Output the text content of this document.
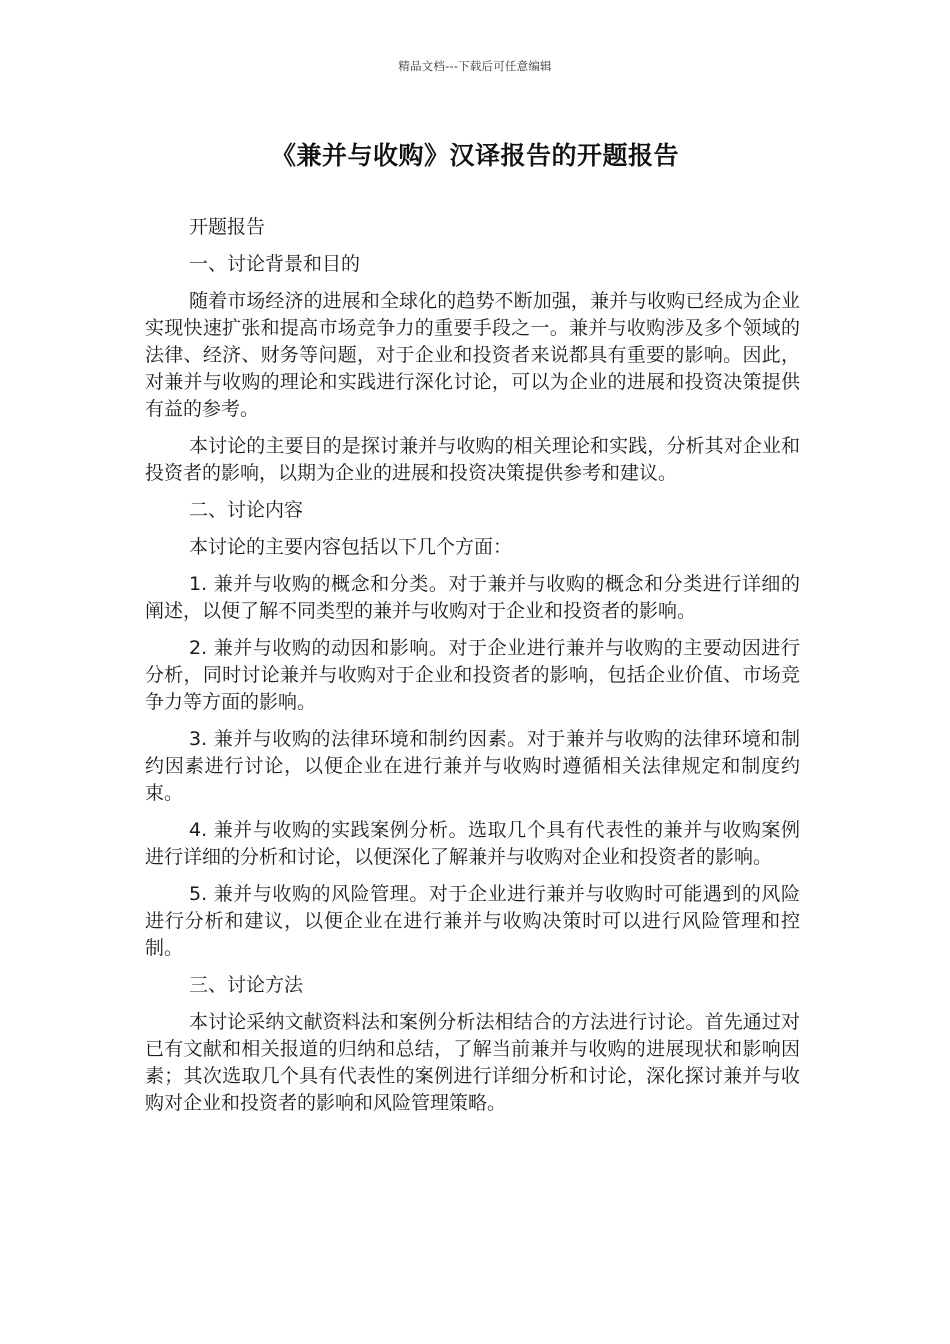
精品文档---下载后可任意编辑
《兼并与收购》汉译报告的开题报告

开题报告

一、讨论背景和目的

随着市场经济的进展和全球化的趋势不断加强，兼并与收购已经成为企业实现快速扩张和提高市场竞争力的重要手段之一。兼并与收购涉及多个领域的法律、经济、财务等问题，对于企业和投资者来说都具有重要的影响。因此，对兼并与收购的理论和实践进行深化讨论，可以为企业的进展和投资决策提供有益的参考。

本讨论的主要目的是探讨兼并与收购的相关理论和实践，分析其对企业和投资者的影响，以期为企业的进展和投资决策提供参考和建议。

二、讨论内容

本讨论的主要内容包括以下几个方面：

1. 兼并与收购的概念和分类。对于兼并与收购的概念和分类进行详细的阐述，以便了解不同类型的兼并与收购对于企业和投资者的影响。

2. 兼并与收购的动因和影响。对于企业进行兼并与收购的主要动因进行分析，同时讨论兼并与收购对于企业和投资者的影响，包括企业价值、市场竞争力等方面的影响。

3. 兼并与收购的法律环境和制约因素。对于兼并与收购的法律环境和制约因素进行讨论，以便企业在进行兼并与收购时遵循相关法律规定和制度约束。

4. 兼并与收购的实践案例分析。选取几个具有代表性的兼并与收购案例进行详细的分析和讨论，以便深化了解兼并与收购对企业和投资者的影响。

5. 兼并与收购的风险管理。对于企业进行兼并与收购时可能遇到的风险进行分析和建议，以便企业在进行兼并与收购决策时可以进行风险管理和控制。

三、讨论方法

本讨论采纳文献资料法和案例分析法相结合的方法进行讨论。首先通过对已有文献和相关报道的归纳和总结，了解当前兼并与收购的进展现状和影响因素；其次选取几个具有代表性的案例进行详细分析和讨论，深化探讨兼并与收购对企业和投资者的影响和风险管理策略。
